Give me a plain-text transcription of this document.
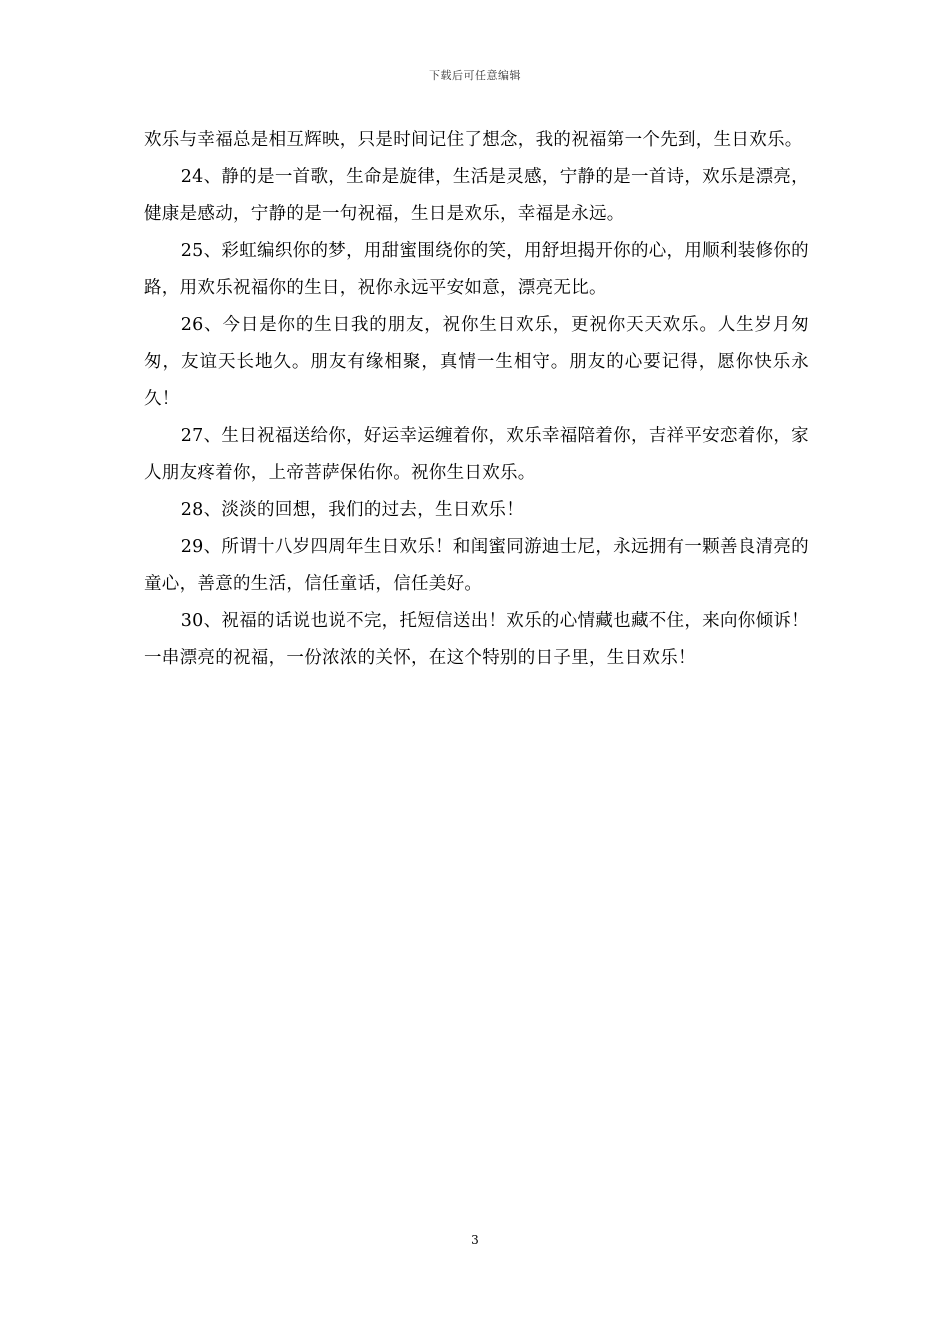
下载后可任意编辑

欢乐与幸福总是相互辉映，只是时间记住了想念，我的祝福第一个先到，生日欢乐。

24、静的是一首歌，生命是旋律，生活是灵感，宁静的是一首诗，欢乐是漂亮，健康是感动，宁静的是一句祝福，生日是欢乐，幸福是永远。

25、彩虹编织你的梦，用甜蜜围绕你的笑，用舒坦揭开你的心，用顺利装修你的路，用欢乐祝福你的生日，祝你永远平安如意，漂亮无比。

26、今日是你的生日我的朋友，祝你生日欢乐，更祝你天天欢乐。人生岁月匆匆，友谊天长地久。朋友有缘相聚，真情一生相守。朋友的心要记得，愿你快乐永久！

27、生日祝福送给你，好运幸运缠着你，欢乐幸福陪着你，吉祥平安恋着你，家人朋友疼着你，上帝菩萨保佑你。祝你生日欢乐。

28、淡淡的回想，我们的过去，生日欢乐！

29、所谓十八岁四周年生日欢乐！和闺蜜同游迪士尼，永远拥有一颗善良清亮的童心，善意的生活，信任童话，信任美好。

30、祝福的话说也说不完，托短信送出！欢乐的心情藏也藏不住，来向你倾诉！一串漂亮的祝福，一份浓浓的关怀，在这个特别的日子里，生日欢乐！

3
